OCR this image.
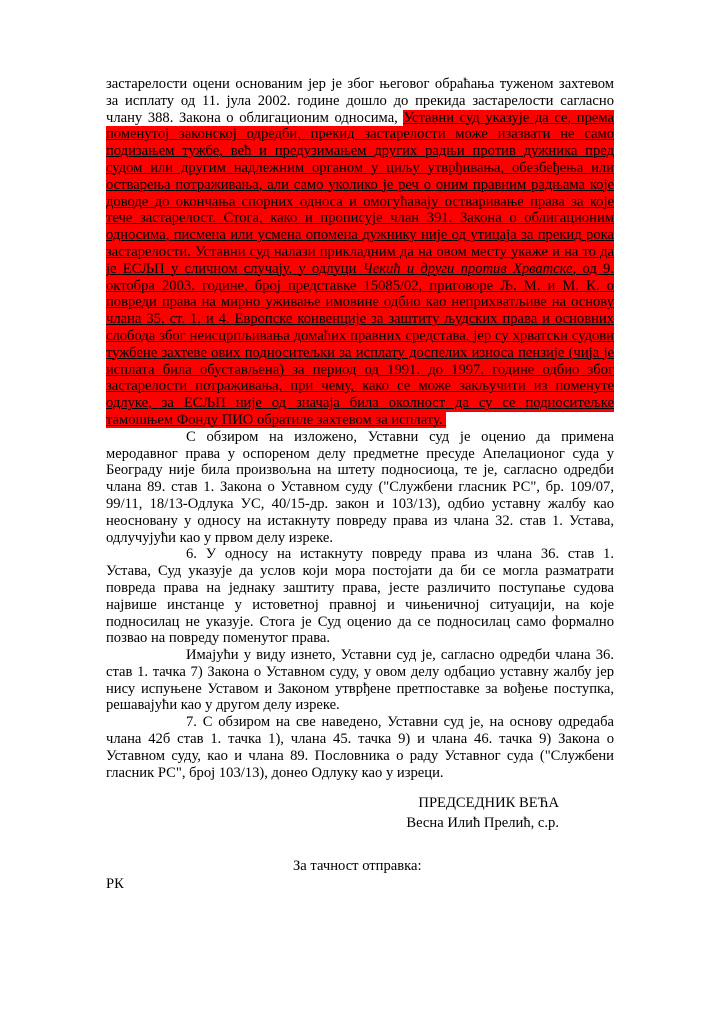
застарелости оцени основаним јер је због његовог обраћања туженом захтевом
за исплату од 11. јула 2002. године дошло до прекида застарелости сагласно
члану 388. Закона о облигационим односима, Уставни суд указује да се, према
поменутој законској одредби, прекид застарелости може изазвати не само
подизањем тужбе, већ и предузимањем других радњи против дужника пред
судом или другим надлежним органом у циљу утврђивања, обезбеђења или
остварења потраживања, али само уколико је реч о оним правним радњама које
доводе до окончања спорних односа и омогућавају остваривање права за које
тече застарелост. Стога, како и прописује члан 391. Закона о облигационим
односима, писмена или усмена опомена дужнику није од утицаја за прекид рока
застарелости. Уставни суд налази прикладним да на овом месту укаже и на то да
је ЕСЉП у сличном случају, у одлуци Чекић и други против Хрватске, од 9.
октобра 2003. године, број представке 15085/02, приговоре Љ. М. и М. К. о
повреди права на мирно уживање имовине одбио као неприхватљиве на основу
члана 35. ст. 1. и 4. Европске конвенције за заштиту људских права и основних
слобода због неисцрпљивања домаћих правних средстава, јер су хрватски судови
тужбене захтеве ових подноситељки за исплату доспелих износа пензије (чија је
исплата била обустављена) за период од 1991. до 1997. године одбио због
застарелости потраживања, при чему, како се може закључити из поменуте
одлуке, за ЕСЉП није од значаја била околност да су се подноситељке
тамошњем Фонду ПИО обратиле захтевом за исплату.
С обзиром на изложено, Уставни суд је оценио да примена
меродавног права у оспореном делу предметне пресуде Апелационог суда у
Београду није била произвољна на штету подносиоца, те је, сагласно одредби
члана 89. став 1. Закона о Уставном суду ("Службени гласник РС", бр. 109/07,
99/11, 18/13-Одлука УС, 40/15-др. закон и 103/13), одбио уставну жалбу као
неосновану у односу на истакнуту повреду права из члана 32. став 1. Устава,
одлучујући као у првом делу изреке.
6. У односу на истакнуту повреду права из члана 36. став 1.
Устава, Суд указује да услов који мора постојати да би се могла разматрати
повреда права на једнаку заштиту права, јесте различито поступање судова
највише инстанце у истоветној правној и чињеничној ситуацији, на које
подносилац не указује. Стога је Суд оценио да се подносилац само формално
позвао на повреду поменутог права.
Имајући у виду изнето, Уставни суд је, сагласно одредби члана 36.
став 1. тачка 7) Закона о Уставном суду, у овом делу одбацио уставну жалбу јер
нису испуњене Уставом и Законом утврђене претпоставке за вођење поступка,
решавајући као у другом делу изреке.
7. С обзиром на све наведено, Уставни суд је, на основу одредаба
члана 42б став 1. тачка 1), члана 45. тачка 9) и члана 46. тачка 9) Закона о
Уставном суду, као и члана 89. Пословника о раду Уставног суда ("Службени
гласник РС", број 103/13), донео Одлуку као у изреци.
ПРЕДСЕДНИК ВЕЋА
Весна Илић Прелић, с.р.
За тачност отправка:
РК
